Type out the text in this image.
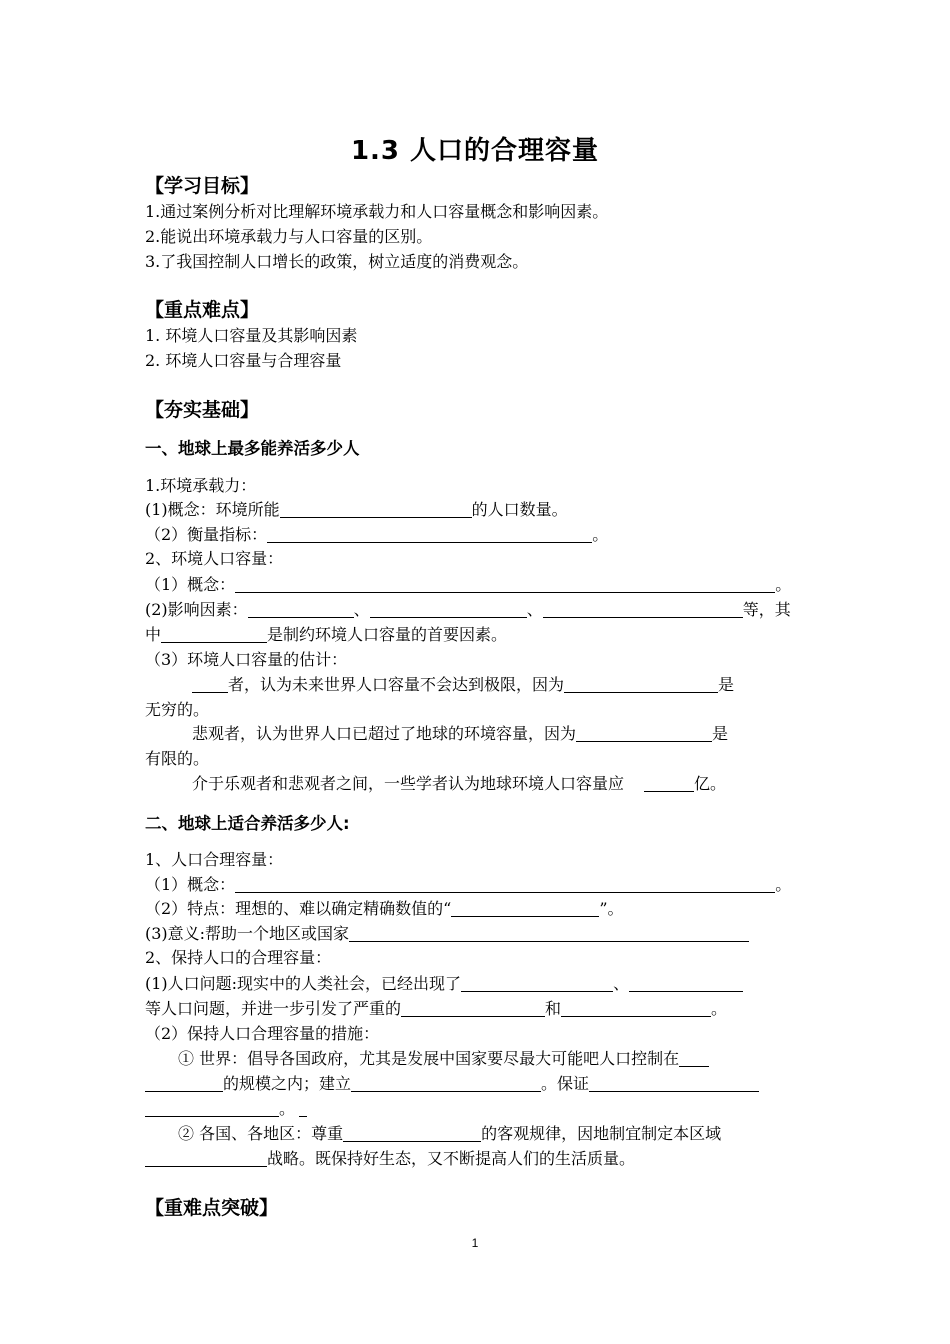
1.3 人口的合理容量
【学习目标】
1.通过案例分析对比理解环境承载力和人口容量概念和影响因素。
2.能说出环境承载力与人口容量的区别。
3.了我国控制人口增长的政策，树立适度的消费观念。
【重点难点】
1. 环境人口容量及其影响因素
2. 环境人口容量与合理容量
【夯实基础】
一、地球上最多能养活多少人
1.环境承载力：
(1)概念：环境所能	的人口数量。
（2）衡量指标：	。
2、环境人口容量：
（1）概念：	。
(2)影响因素：	、	、	等，其
中	是制约环境人口容量的首要因素。
（3）环境人口容量的估计：
者，认为未来世界人口容量不会达到极限，因为	是
无穷的。
悲观者，认为世界人口已超过了地球的环境容量，因为	是
有限的。
介于乐观者和悲观者之间，一些学者认为地球环境人口容量应	亿。
二、地球上适合养活多少人:
1、人口合理容量：
（1）概念：	。
（2）特点：理想的、难以确定精确数值的“	”。
(3)意义:帮助一个地区或国家
2、保持人口的合理容量：
(1)人口问题:现实中的人类社会，已经出现了	、
等人口问题，并进一步引发了严重的	和	。
（2）保持人口合理容量的措施：
① 世界：倡导各国政府，尤其是发展中国家要尽最大可能吧人口控制在
的规模之内；建立	。保证
。
② 各国、各地区：尊重	的客观规律，因地制宜制定本区域
战略。既保持好生态，又不断提高人们的生活质量。
【重难点突破】
1
